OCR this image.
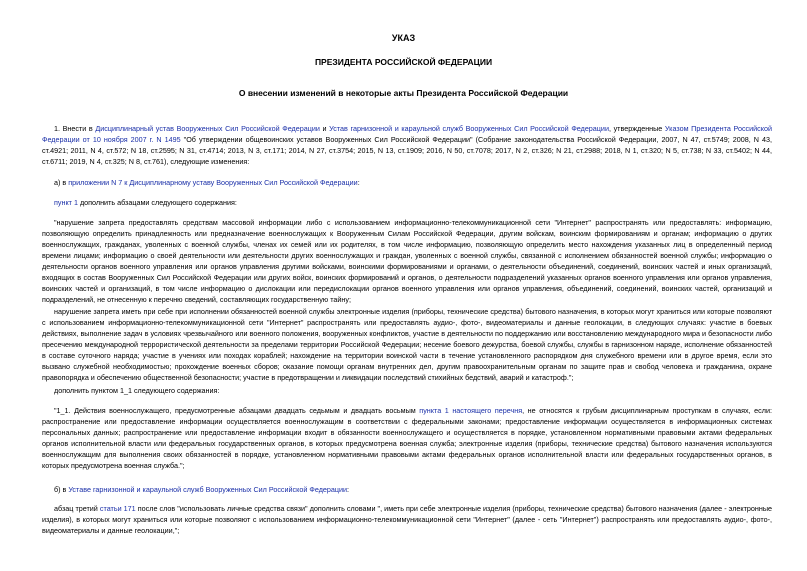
УКАЗ
ПРЕЗИДЕНТА РОССИЙСКОЙ ФЕДЕРАЦИИ
О внесении изменений в некоторые акты Президента Российской Федерации
1. Внести в Дисциплинарный устав Вооруженных Сил Российской Федерации и Устав гарнизонной и караульной служб Вооруженных Сил Российской Федерации, утвержденные Указом Президента Российской Федерации от 10 ноября 2007 г. N 1495 "Об утверждении общевоинских уставов Вооруженных Сил Российской Федерации" (Собрание законодательства Российской Федерации, 2007, N 47, ст.5749; 2008, N 43, ст.4921; 2011, N 4, ст.572; N 18, ст.2595; N 31, ст.4714; 2013, N 3, ст.171; 2014, N 27, ст.3754; 2015, N 13, ст.1909; 2016, N 50, ст.7078; 2017, N 2, ст.326; N 21, ст.2988; 2018, N 1, ст.320; N 5, ст.738; N 33, ст.5402; N 44, ст.6711; 2019, N 4, ст.325; N 8, ст.761), следующие изменения:
а) в приложении N 7 к Дисциплинарному уставу Вооруженных Сил Российской Федерации:
пункт 1 дополнить абзацами следующего содержания:
"нарушение запрета предоставлять средствам массовой информации либо с использованием информационно-телекоммуникационной сети "Интернет" распространять или предоставлять: информацию, позволяющую определить принадлежность или предназначение военнослужащих к Вооруженным Силам Российской Федерации, другим войскам, воинским формированиям и органам; информацию о других военнослужащих, гражданах, уволенных с военной службы, членах их семей или их родителях, в том числе информацию, позволяющую определить место нахождения указанных лиц в определенный период времени лицами; информацию о своей деятельности или деятельности других военнослужащих и граждан, уволенных с военной службы, связанной с исполнением обязанностей военной службы; информацию о деятельности органов военного управления или органов управления другими войсками, воинскими формированиями и органами, о деятельности объединений, соединений, воинских частей и иных организаций, входящих в состав Вооруженных Сил Российской Федерации или других войск, воинских формирований и органов, о деятельности подразделений указанных органов военного управления или органов управления, воинских частей и организаций, в том числе информацию о дислокации или передислокации органов военного управления или органов управления, объединений, соединений, воинских частей, организаций и подразделений, не отнесенную к перечню сведений, составляющих государственную тайну;
нарушение запрета иметь при себе при исполнении обязанностей военной службы электронные изделия (приборы, технические средства) бытового назначения, в которых могут храниться или которые позволяют с использованием информационно-телекоммуникационной сети "Интернет" распространять или предоставлять аудио-, фото-, видеоматериалы и данные геолокации, в следующих случаях: участие в боевых действиях, выполнение задач в условиях чрезвычайного или военного положения, вооруженных конфликтов, участие в деятельности по поддержанию или восстановлению международного мира и безопасности либо пресечению международной террористической деятельности за пределами территории Российской Федерации; несение боевого дежурства, боевой службы, службы в гарнизонном наряде, исполнение обязанностей в составе суточного наряда; участие в учениях или походах кораблей; нахождение на территории воинской части в течение установленного распорядком дня служебного времени или в другое время, если это вызвано служебной необходимостью; прохождение военных сборов; оказание помощи органам внутренних дел, другим правоохранительным органам по защите прав и свобод человека и гражданина, охране правопорядка и обеспечению общественной безопасности; участие в предотвращении и ликвидации последствий стихийных бедствий, аварий и катастроф.";
дополнить пунктом 1_1 следующего содержания:
"1_1. Действия военнослужащего, предусмотренные абзацами двадцать седьмым и двадцать восьмым пункта 1 настоящего перечня, не относятся к грубым дисциплинарным проступкам в случаях, если: распространение или предоставление информации осуществляется военнослужащим в соответствии с федеральными законами; предоставление информации осуществляется в информационных системах персональных данных; распространение или предоставление информации входит в обязанности военнослужащего и осуществляется в порядке, установленном нормативными правовыми актами федеральных органов исполнительной власти или федеральных государственных органов, в которых предусмотрена военная служба; электронные изделия (приборы, технические средства) бытового назначения используются военнослужащим для выполнения своих обязанностей в порядке, установленном нормативными правовыми актами федеральных органов исполнительной власти или федеральных государственных органов, в которых предусмотрена военная служба.";
б) в Уставе гарнизонной и караульной служб Вооруженных Сил Российской Федерации:
абзац третий статьи 171 после слов "использовать личные средства связи" дополнить словами ", иметь при себе электронные изделия (приборы, технические средства) бытового назначения (далее - электронные изделия), в которых могут храниться или которые позволяют с использованием информационно-телекоммуникационной сети "Интернет" (далее - сеть "Интернет") распространять или предоставлять аудио-, фото-, видеоматериалы и данные геолокации,";
